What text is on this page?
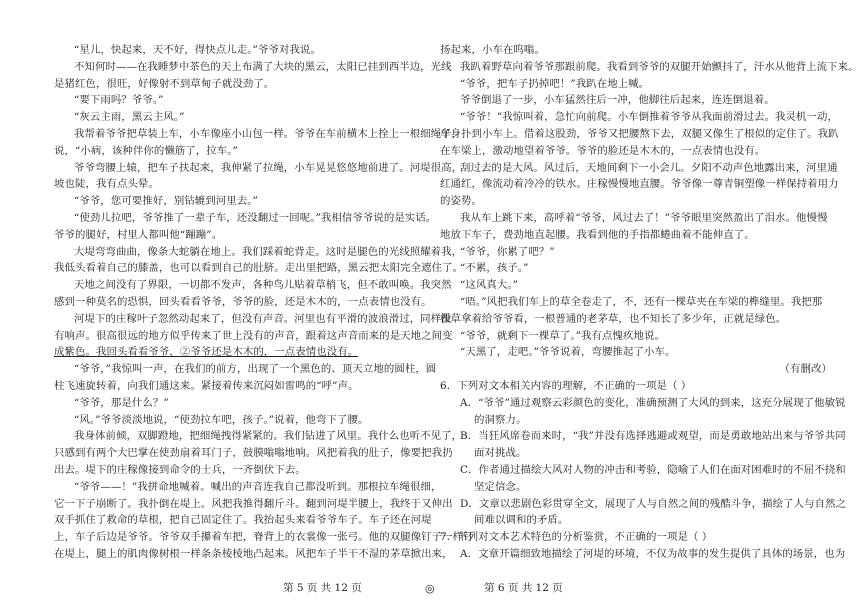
“星儿，快起来，天不好，得快点儿走。”爷爷对我说。
不知何时——在我睡梦中茶色的天上布满了大块的黑云，太阳已挂到西半边，光线
是猪红色，很旺，好像射不到草甸子就没劲了。
“要下雨吗？爷爷。”
“灰云主雨，黑云主风。”
我帮着爷爷把草装上车，小车像座小山包一样。爷爷在车前横木上拴上一根细绳子，
说，“小病，该种伴你的懒筋了，拉车。”
爷爷弯腰上辕，把车子扶起来，我伸紧了拉绳，小车晃晃悠悠地前进了。河堤很高，
坡也陡，我有点头晕。
“爷爷，您可要推好，别钻辘到河里去。”
“使劲儿拉吧，爷爷推了一辈子车，还没翻过一回呢。”我相信爷爷说的是实话。
爷爷的腿好，村里人都叫他“蹦蹦”。
大堤弯弯曲曲，像条大蛇躺在地上。我们踩着蛇背走。这时是腿色的光线照耀着我，
我低头看着自己的膝盖，也可以看到自己的肚脐。走出里把路，黑云把太阳完全遮住了。
天地之间没有了界限，一切都不发声，各种鸟儿贴着草梢飞，但不敢叫唤。我突然
感到一种莫名的恐惧，回头看看爷爷，爷爷的脸，还是木木的，一点表情也没有。
河堤下的庄稼叶子忽然动起来了，但没有声音。河里也有平滑的波浪滑过，同样没
有响声。很高很远的地方似乎传来了世上没有的声音，跟着这声音而来的是天地之间变
成紫色。我回头看看爷爷，②爷爷还是木木的，一点表情也没有。
“爷爷，”我惊叫一声，在我们的前方，出现了一个黑色的、顶天立地的圆柱，圆
柱飞速旋转着，向我们通这来。紧接着传来沉闷如雷鸣的“呼”声。
“爷爷，那是什么？”
“风。”爷爷淡淡地说，“使劲拉车吧，孩子。”说着，他弯下了腰。
我身体前倾，双脚蹬地，把细绳拽得紧紧的。我们钻进了风里。我什么也听不见了，
只感到有两个大巴掌在使劲扇着耳门子，鼓膜嗡嗡地响。风把着我的肚子，像要把我扔
出去。堤下的庄稼像接到命令的士兵，一齐倒伏下去。
“爷爷——！”我拼命地喊着。喊出的声音连我自己都没听到。那根拉车绳很细，
它一下子崩断了。我扑倒在堤上。风把我推得翻斤斗。翻到河堤半腰上，我终于又伸出
双手抓住了救命的草根，把自己固定住了。我抬起头来看爷爷车子。车子还在河堤
上，车子后边是爷爷。爷爷双手攥着车把，脊背上的衣裳像一张弓。他的双腿像钉子一样钉
在堤上，腿上的肌肉像树根一样条条棱棱地凸起来。风把车子半干不湿的茅草掀出来，
扬起来，小车在呜嗡。
我趴着野草向着爷爷那跟前爬。我看到爷爷的双腿开始颤抖了，汗水从他背上流下来。
“爷爷，把车子扔掉吧！”我趴在地上喊。
爷爷倒退了一步，小车猛然往后一冲，他脚往后起来，连连倒退着。
“爷爷！”我惊叫着，急忙向前爬。小车倒推着爷爷从我面前滑过去。我灵机一动，
牟身扑到小车上。借着这股劲，爷爷又把腰熬下去，双腿又像生了根似的定住了。我趴
在车梁上，激动地望着爷爷。爷爷的脸还是木木的，一点表情也没有。
刮过去的是大风。风过后，天地间剩下一小会儿。夕阳不动声色地露出来，河里通
红通红，像流动着冷冷的铁水。庄稼慢慢地直腰。爷爷像一尊青铜塑像一样保持着用力
的姿势。
我从车上跳下来，高呼着“爷爷，风过去了！”爷爷眼里突然盈出了泪水。他慢慢
地放下车子，费劲地直起腰。我看到他的手指都蜷曲着不能伸直了。
“爷爷，你累了吧？”
“不累，孩子。”
“这风真大。”
“唔。”风把我们车上的草全卷走了，不，还有一棵草夹在车梁的榫缝里。我把那
棵草拿着给爷爷看，一根普通的老茅草，也不知长了多少年，正就是绿色。
“爷爷，就剩下一棵草了。”我有点愧疚地说。
“天黑了，走吧。”爷爷说着，弯腰推起了小车。
（有删改）
6．下列对文本相关内容的理解，不正确的一项是（ ）
A．“爷爷”通过观察云彩颜色的变化，准确预测了大风的到来，这充分展现了他敏锐
的洞察力。
B．当狂风席卷而来时，“我”并没有选择逃避或观望，而是勇敢地站出来与爷爷共同
面对挑战。
C．作者通过描绘大风对人物的冲击和考验，隐喻了人们在面对困难时的不屈不挠和
坚定信念。
D．文章以悲剧色彩贯穿全文，展现了人与自然之间的残酷斗争，描绘了人与自然之
间难以调和的矛盾。
7．下列对文本艺术特色的分析鉴赏，不正确的一项是（ ）
A．文章开篇细致地描绘了河堤的环境，不仅为故事的发生提供了具体的场景，也为
第 5 页 共 12 页	◎	第 6 页 共 12 页
